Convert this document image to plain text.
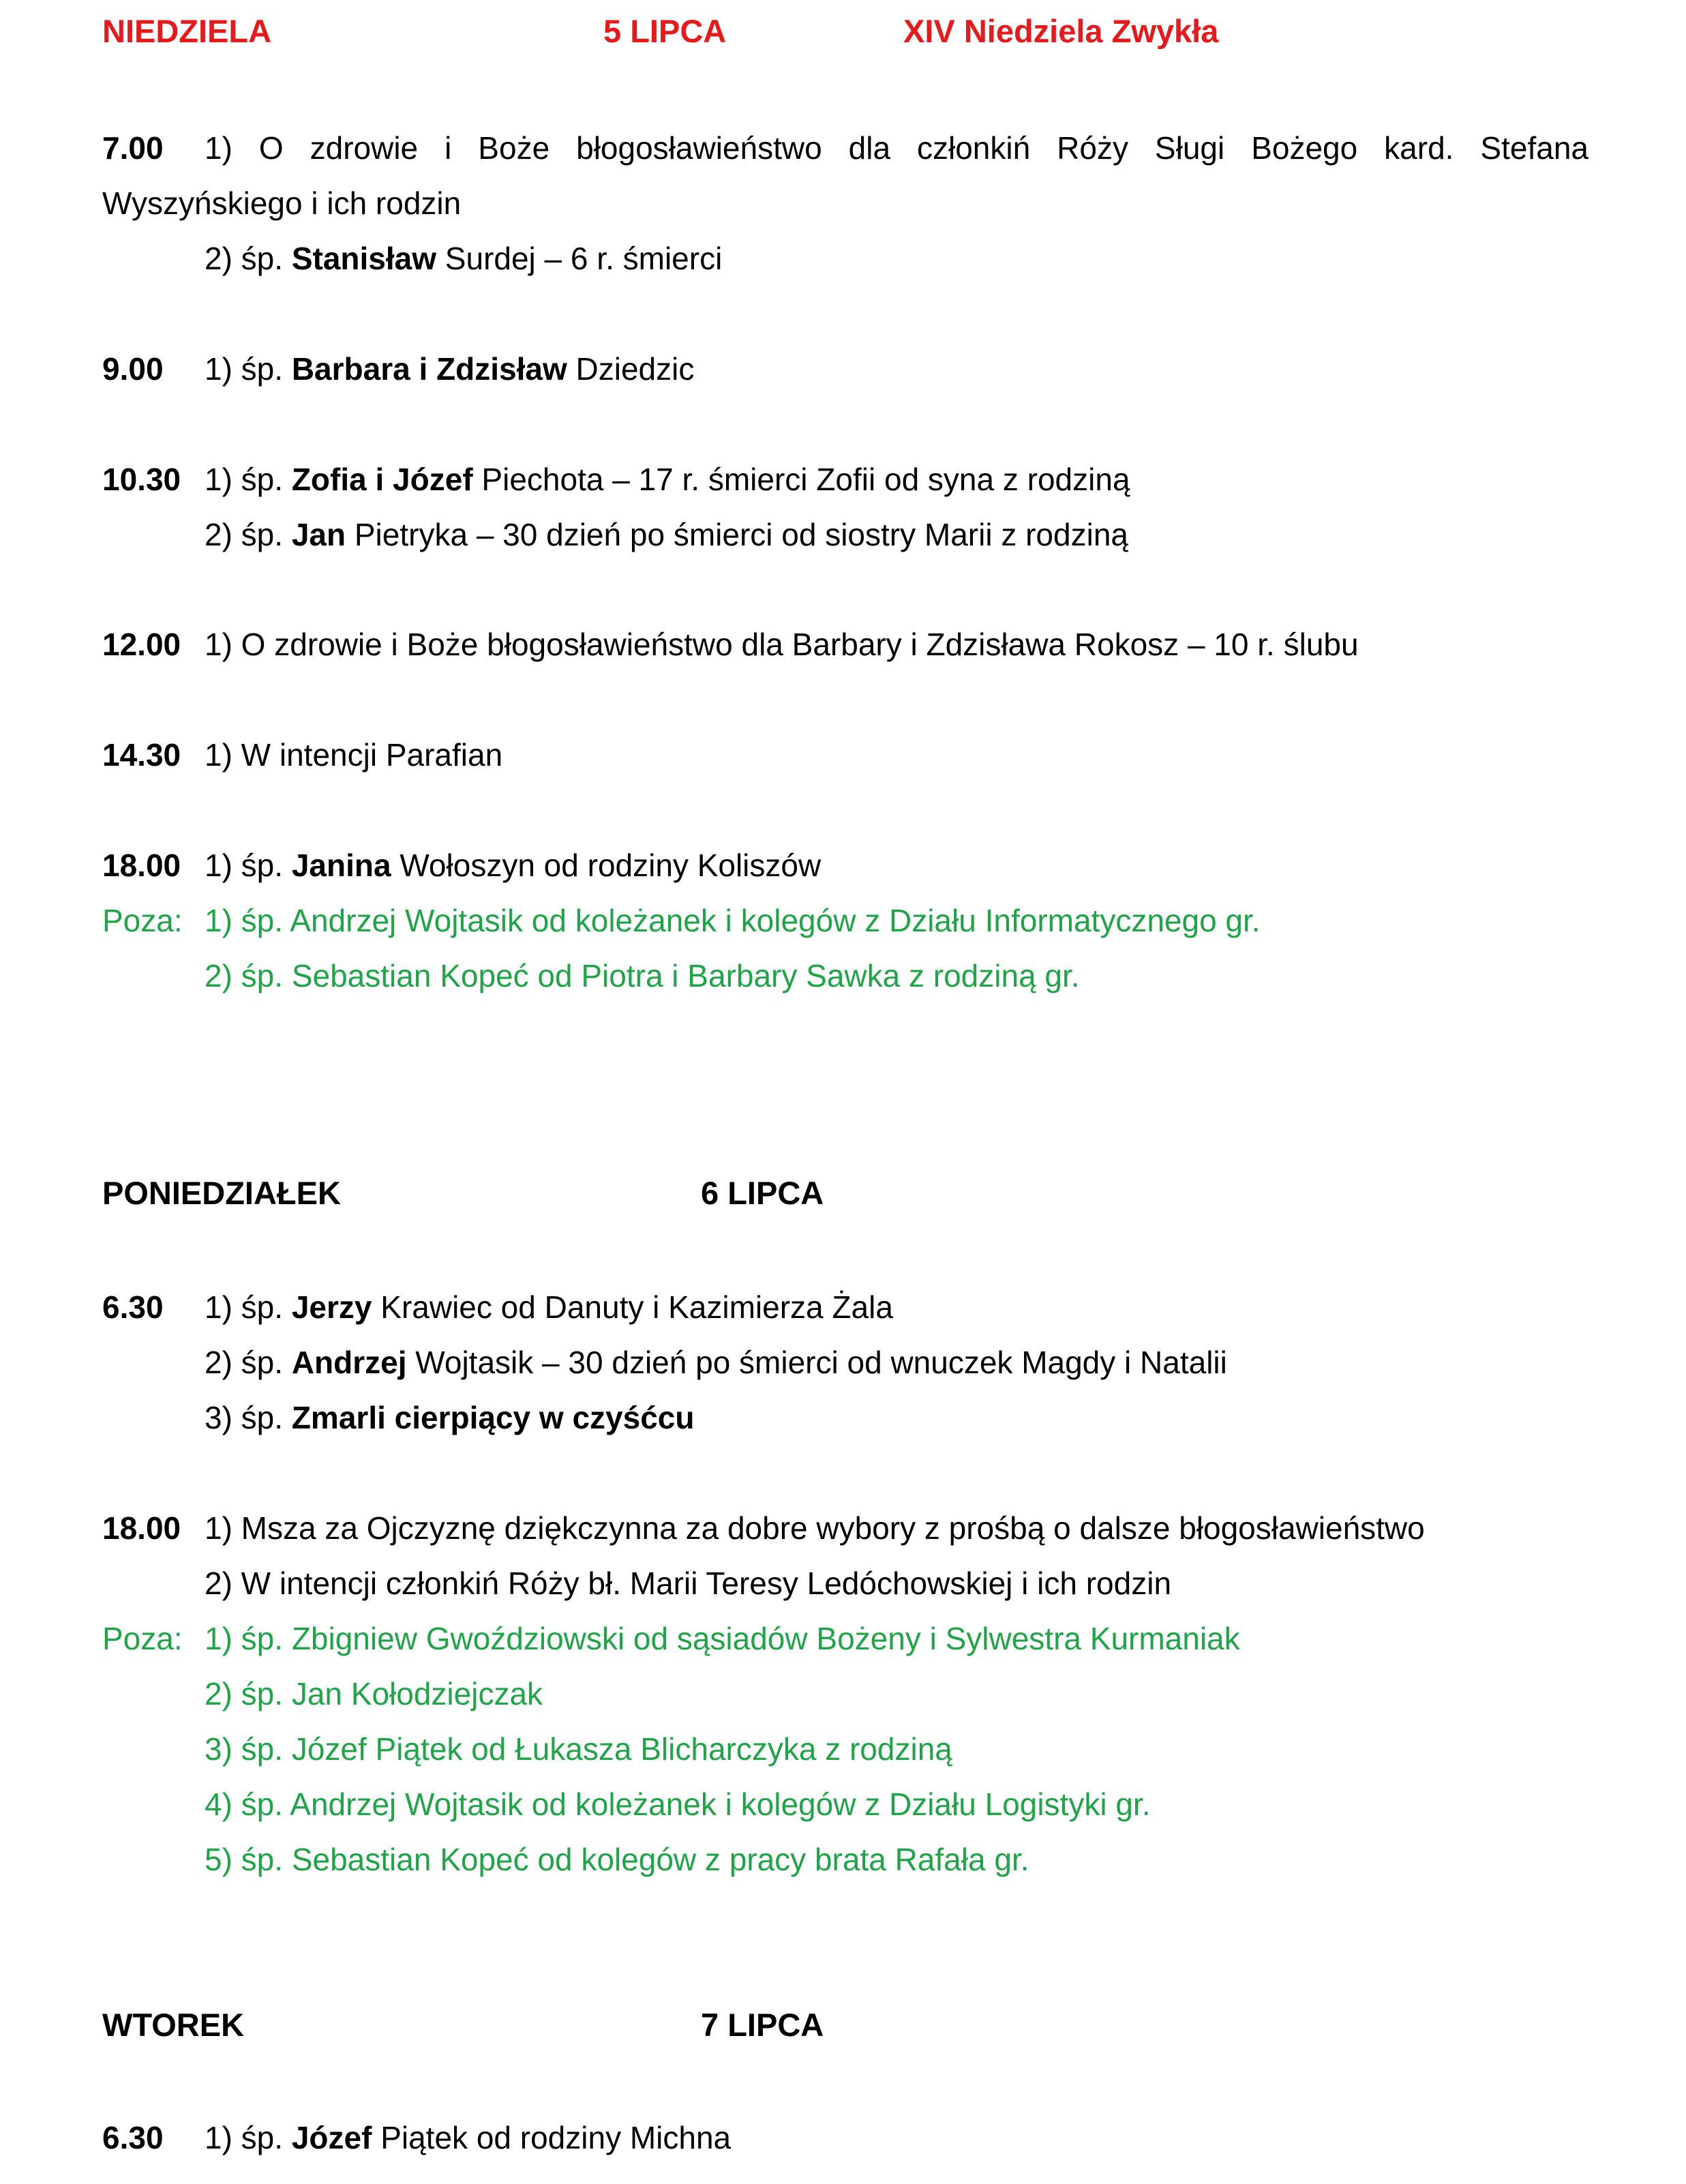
NIEDZIELA	5 LIPCA	XIV Niedziela Zwykła
7.00 1) O zdrowie i Boże błogosławieństwo dla członkiń Róży Sługi Bożego kard. Stefana
Wyszyńskiego i ich rodzin
2) śp. Stanisław Surdej – 6 r. śmierci
9.00 1) śp. Barbara i Zdzisław Dziedzic
10.30 1) śp. Zofia i Józef Piechota – 17 r. śmierci Zofii od syna z rodziną
2) śp. Jan Pietryka – 30 dzień po śmierci od siostry Marii z rodziną
12.00 1) O zdrowie i Boże błogosławieństwo dla Barbary i Zdzisława Rokosz – 10 r. ślubu
14.30 1) W intencji Parafian
18.00 1) śp. Janina Wołoszyn od rodziny Koliszów
Poza: 1) śp. Andrzej Wojtasik od koleżanek i kolegów z Działu Informatycznego gr.
2) śp. Sebastian Kopeć od Piotra i Barbary Sawka z rodziną gr.
PONIEDZIAŁEK	6 LIPCA
6.30 1) śp. Jerzy Krawiec od Danuty i Kazimierza Żala
2) śp. Andrzej Wojtasik – 30 dzień po śmierci od wnuczek Magdy i Natalii
3) śp. Zmarli cierpiący w czyśćcu
18.00 1) Msza za Ojczyznę dziękczynna za dobre wybory z prośbą o dalsze błogosławieństwo
2) W intencji członkiń Róży bł. Marii Teresy Ledóchowskiej i ich rodzin
Poza: 1) śp. Zbigniew Gwoździowski od sąsiadów Bożeny i Sylwestra Kurmaniak
2) śp. Jan Kołodziejczak
3) śp. Józef Piątek od Łukasza Blicharczyka z rodziną
4) śp. Andrzej Wojtasik od koleżanek i kolegów z Działu Logistyki gr.
5) śp. Sebastian Kopeć od kolegów z pracy brata Rafała gr.
WTOREK	7 LIPCA
6.30 1) śp. Józef Piątek od rodziny Michna
